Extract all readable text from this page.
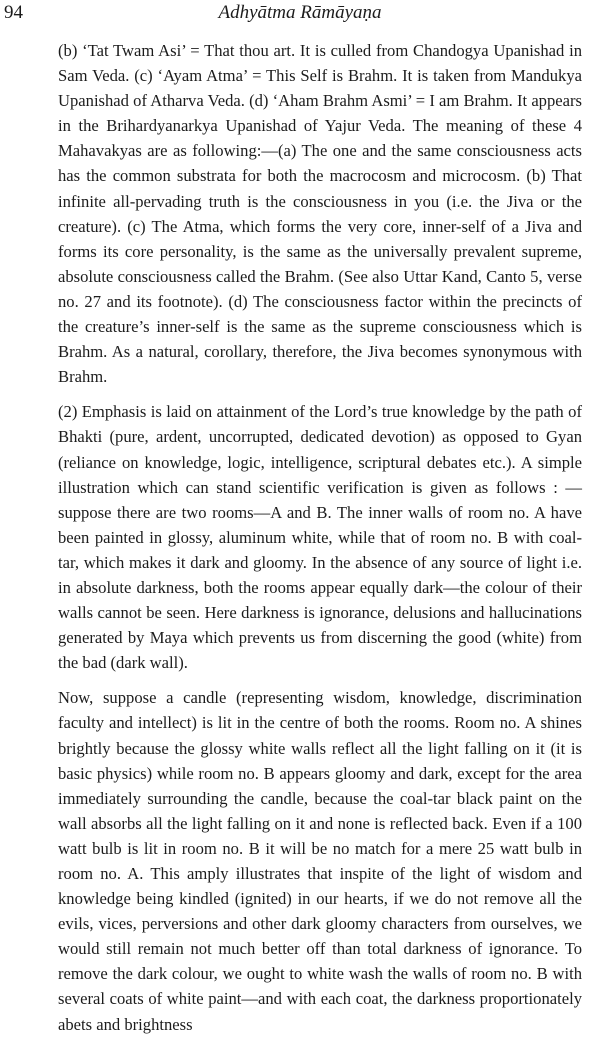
94	Adhyātma Rāmāyaṇa

(b) ‘Tat Twam Asi’ = That thou art. It is culled from Chandogya Upanishad in Sam Veda. (c) ‘Ayam Atma’ = This Self is Brahm. It is taken from Mandukya Upanishad of Atharva Veda. (d) ‘Aham Brahm Asmi’ = I am Brahm. It appears in the Brihardyanarkya Upanishad of Yajur Veda. The meaning of these 4 Mahavakyas are as following:—(a) The one and the same consciousness acts has the common substrata for both the macrocosm and microcosm. (b) That infinite all-pervading truth is the consciousness in you (i.e. the Jiva or the creature). (c) The Atma, which forms the very core, inner-self of a Jiva and forms its core personality, is the same as the universally prevalent supreme, absolute consciousness called the Brahm. (See also Uttar Kand, Canto 5, verse no. 27 and its footnote). (d) The consciousness factor within the precincts of the creature’s inner-self is the same as the supreme consciousness which is Brahm. As a natural, corollary, therefore, the Jiva becomes synonymous with Brahm.

(2) Emphasis is laid on attainment of the Lord’s true knowledge by the path of Bhakti (pure, ardent, uncorrupted, dedicated devotion) as opposed to Gyan (reliance on knowledge, logic, intelligence, scriptural debates etc.). A simple illustration which can stand scientific verification is given as follows : — suppose there are two rooms—A and B. The inner walls of room no. A have been painted in glossy, aluminum white, while that of room no. B with coal-tar, which makes it dark and gloomy. In the absence of any source of light i.e. in absolute darkness, both the rooms appear equally dark—the colour of their walls cannot be seen. Here darkness is ignorance, delusions and hallucinations generated by Maya which prevents us from discerning the good (white) from the bad (dark wall).

Now, suppose a candle (representing wisdom, knowledge, discrimination faculty and intellect) is lit in the centre of both the rooms. Room no. A shines brightly because the glossy white walls reflect all the light falling on it (it is basic physics) while room no. B appears gloomy and dark, except for the area immediately surrounding the candle, because the coal-tar black paint on the wall absorbs all the light falling on it and none is reflected back. Even if a 100 watt bulb is lit in room no. B it will be no match for a mere 25 watt bulb in room no. A. This amply illustrates that inspite of the light of wisdom and knowledge being kindled (ignited) in our hearts, if we do not remove all the evils, vices, perversions and other dark gloomy characters from ourselves, we would still remain not much better off than total darkness of ignorance. To remove the dark colour, we ought to white wash the walls of room no. B with several coats of white paint—and with each coat, the darkness proportionately abets and brightness
